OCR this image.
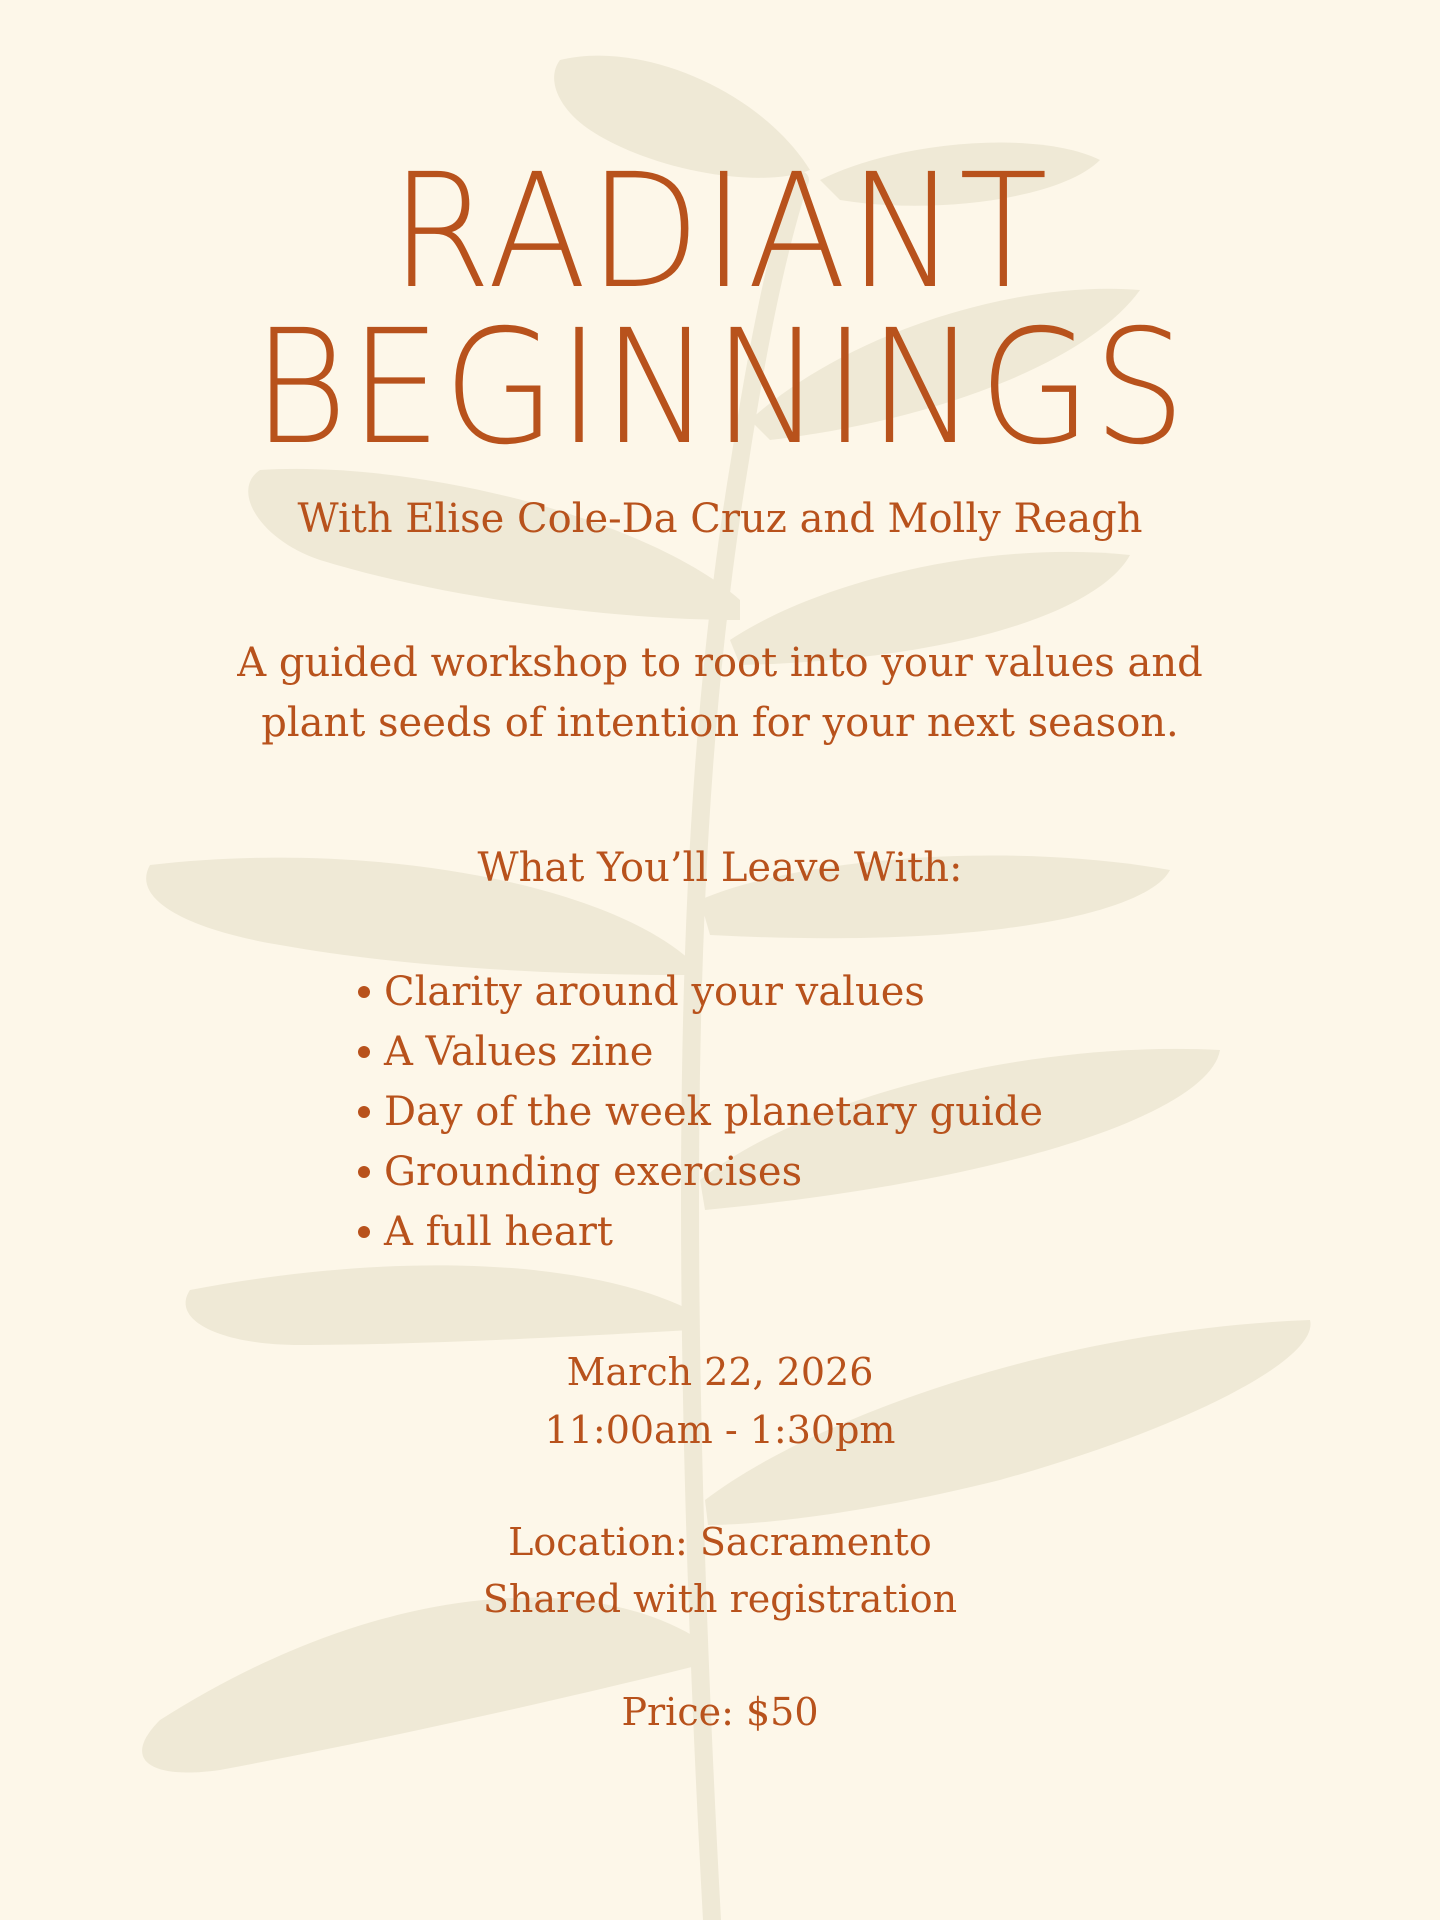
RADIANT
BEGINNINGS
With Elise Cole-Da Cruz and Molly Reagh
A guided workshop to root into your values and
plant seeds of intention for your next season.
What You’ll Leave With:
Clarity around your values
A Values zine
Day of the week planetary guide
Grounding exercises
A full heart
March 22, 2026
11:00am - 1:30pm
Location: Sacramento
Shared with registration
Price: $50
